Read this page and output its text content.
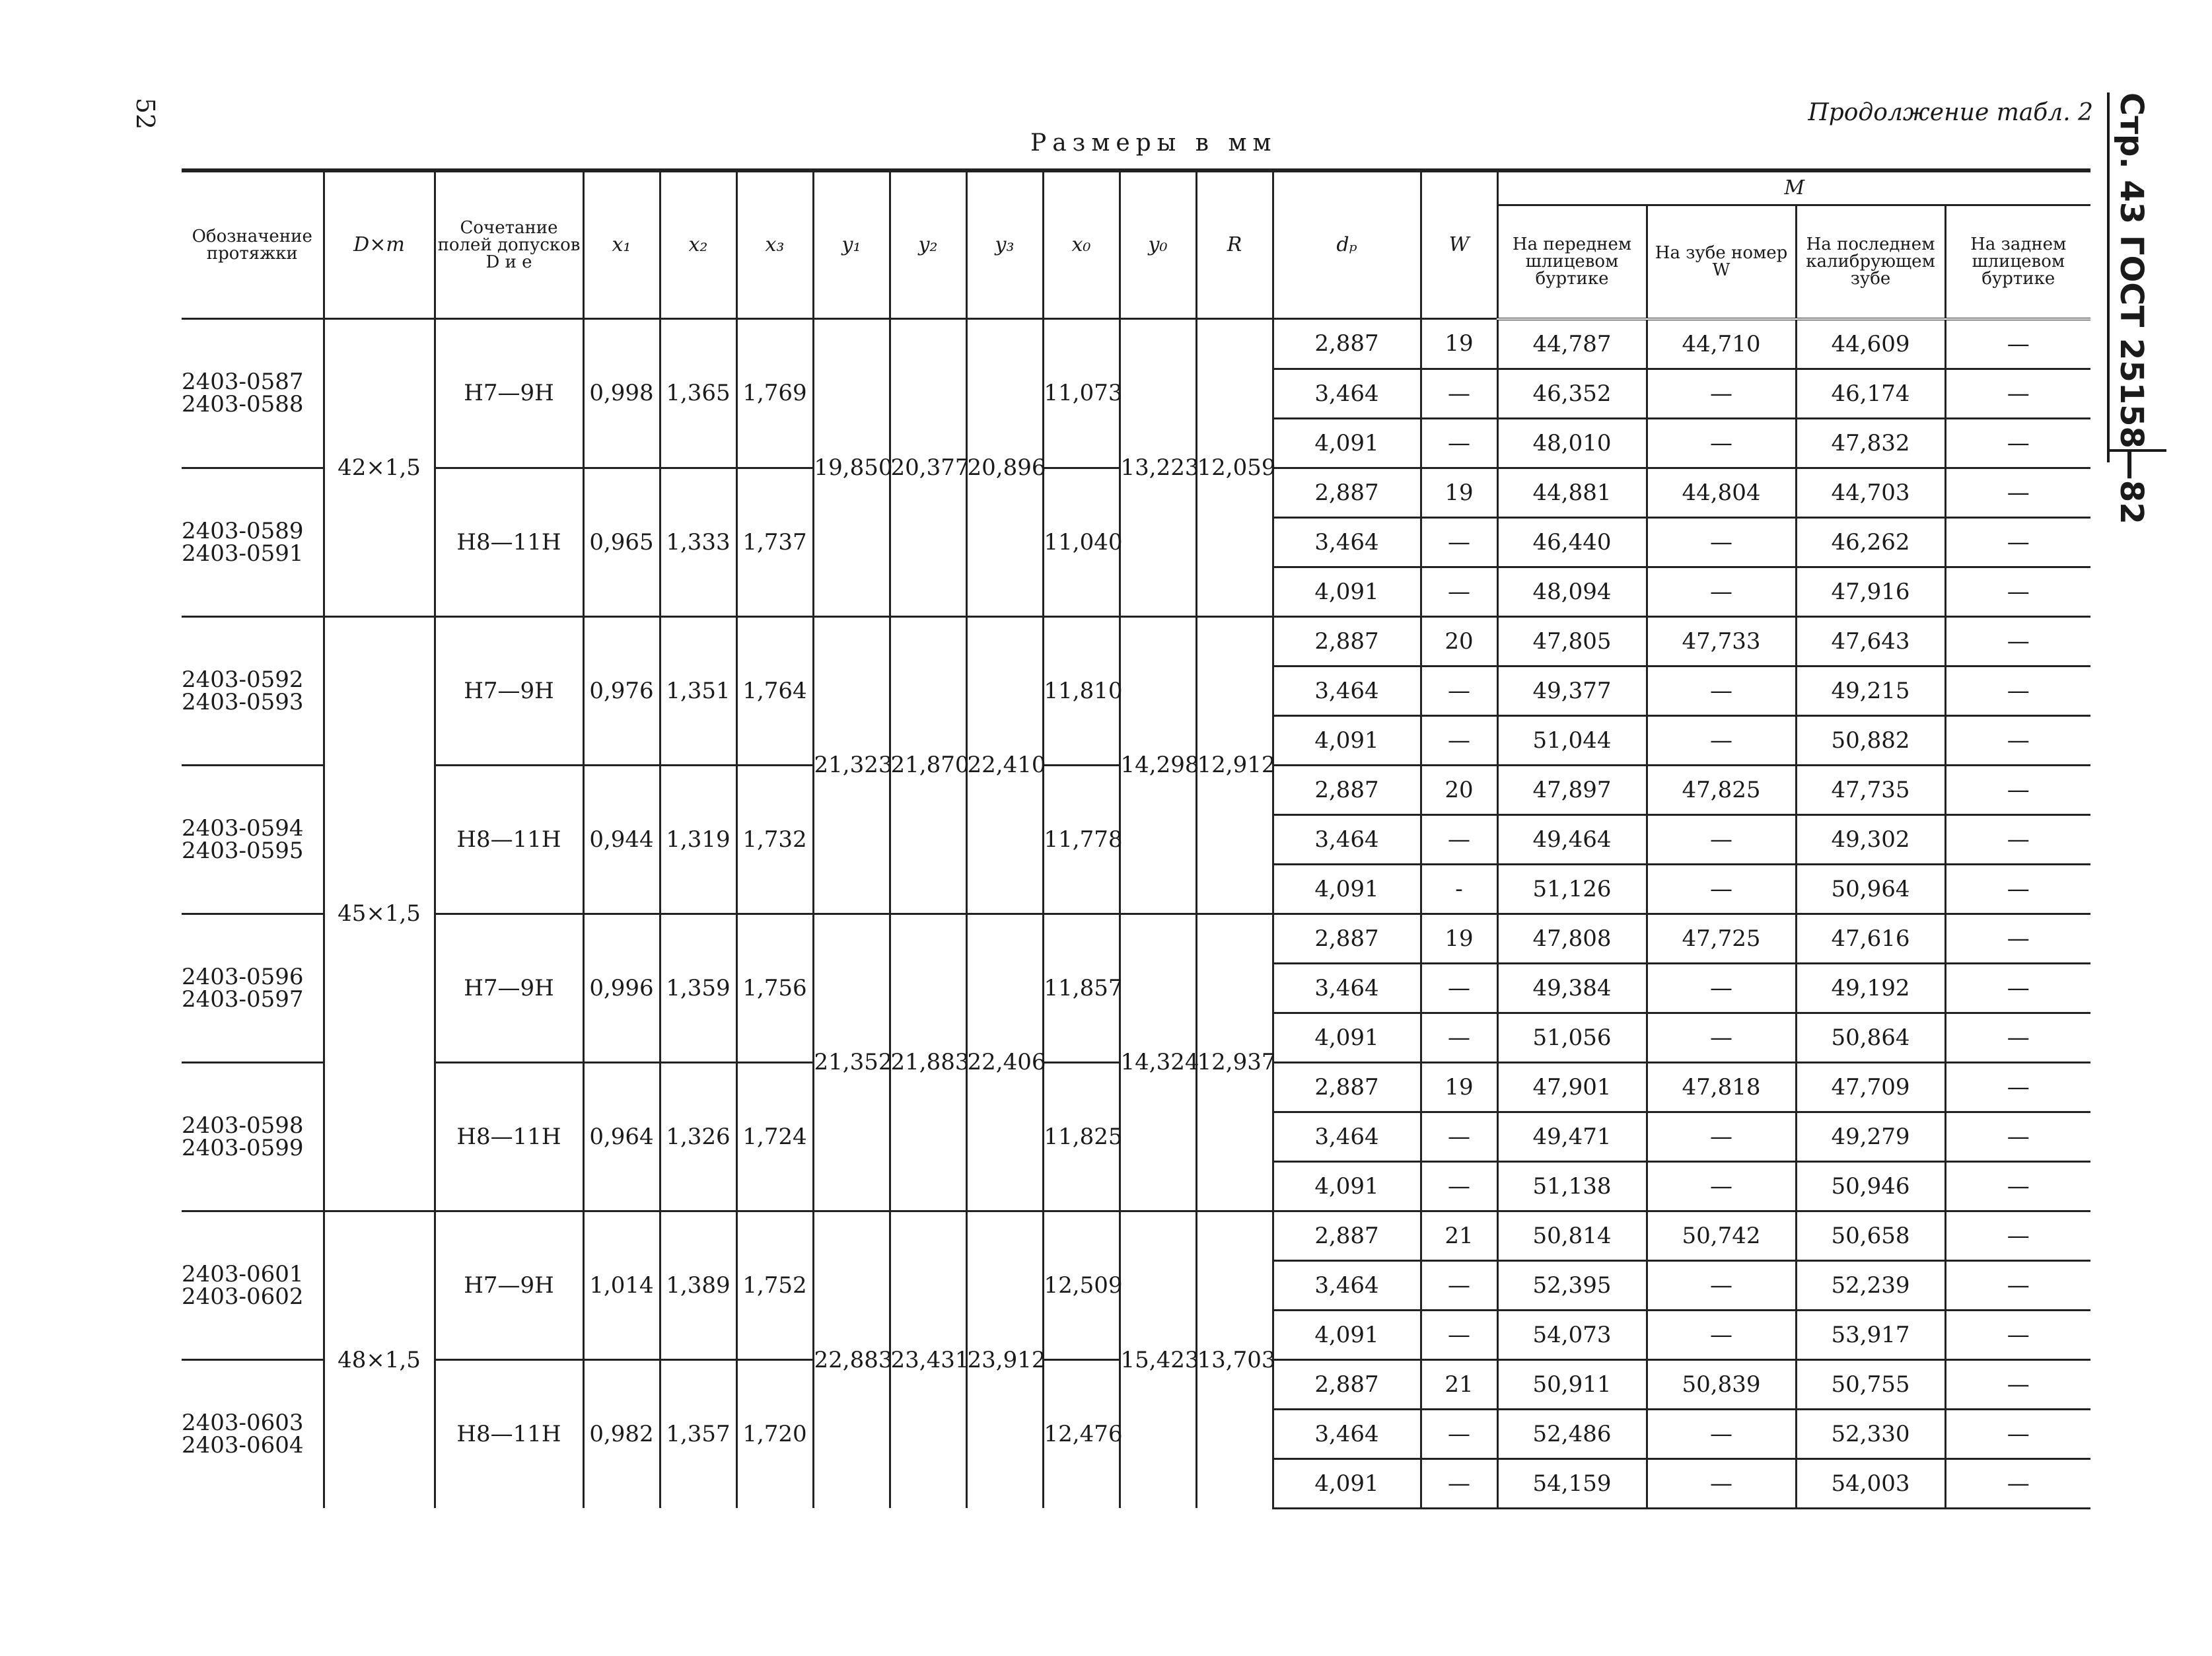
52	Продолжение табл. 2
Размеры в мм	Стр. 43 ГОСТ 25158—82
Обозначение протяжки	D×m	Сочетание полей допусков D и e	x₁	x₂	x₃	y₁	y₂	y₃	x₀	y₀	R	dₚ	W	M			
														На переднем шлицевом буртике	На зубе номер W	На последнем калибрующем зубе	На заднем шлицевом буртике

2403-0587
2403-0588	42×1,5	H7—9H	0,998	1,365	1,769	19,850	20,377	20,896	11,073	13,223	12,059	2,887	19	44,787	44,710	44,609	—
												3,464	—	46,352	—	46,174	—
												4,091	—	48,010	—	47,832	—

2403-0589
2403-0591		H8—11H	0,965	1,333	1,737				11,040			2,887	19	44,881	44,804	44,703	—
												3,464	—	46,440	—	46,262	—
												4,091	—	48,094	—	47,916	—

2403-0592
2403-0593	45×1,5	H7—9H	0,976	1,351	1,764	21,323	21,870	22,410	11,810	14,298	12,912	2,887	20	47,805	47,733	47,643	—
												3,464	—	49,377	—	49,215	—
												4,091	—	51,044	—	50,882	—

2403-0594
2403-0595		H8—11H	0,944	1,319	1,732				11,778			2,887	20	47,897	47,825	47,735	—
												3,464	—	49,464	—	49,302	—
												4,091	-	51,126	—	50,964	—

2403-0596
2403-0597		H7—9H	0,996	1,359	1,756	21,352	21,883	22,406	11,857	14,324	12,937	2,887	19	47,808	47,725	47,616	—
												3,464	—	49,384	—	49,192	—
												4,091	—	51,056	—	50,864	—

2403-0598
2403-0599		H8—11H	0,964	1,326	1,724				11,825			2,887	19	47,901	47,818	47,709	—
												3,464	—	49,471	—	49,279	—
												4,091	—	51,138	—	50,946	—

2403-0601
2403-0602	48×1,5	H7—9H	1,014	1,389	1,752	22,883	23,431	23,912	12,509	15,423	13,703	2,887	21	50,814	50,742	50,658	—
												3,464	—	52,395	—	52,239	—
												4,091	—	54,073	—	53,917	—

2403-0603
2403-0604		H8—11H	0,982	1,357	1,720				12,476			2,887	21	50,911	50,839	50,755	—
												3,464	—	52,486	—	52,330	—
												4,091	—	54,159	—	54,003	—
